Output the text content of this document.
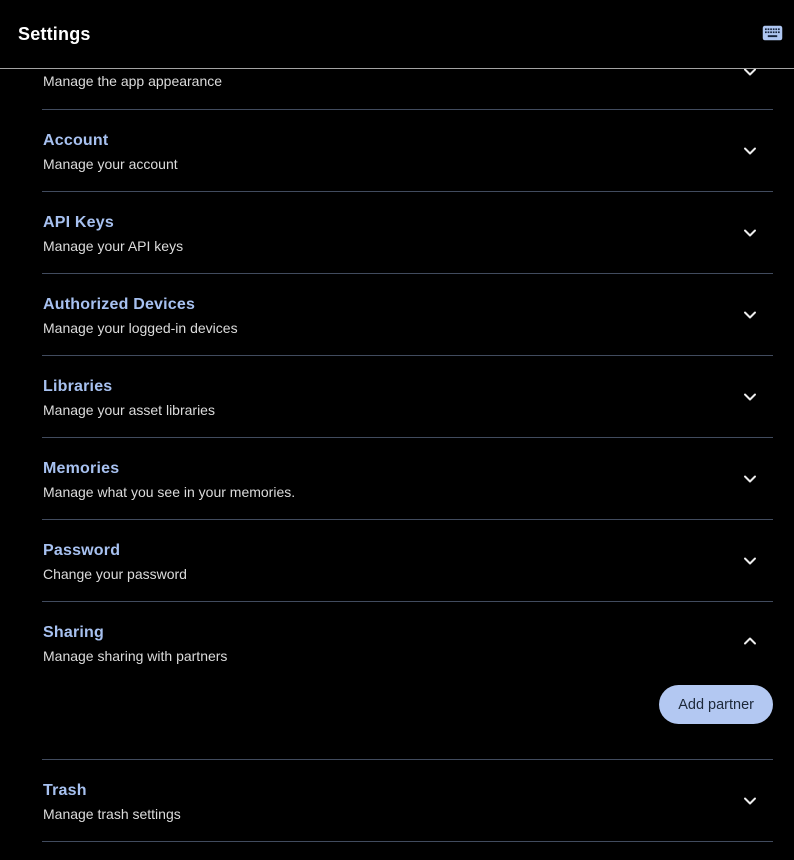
Settings

Manage the app appearance

Account

Manage your account

API Keys

Manage your API keys

Authorized Devices

Manage your logged-in devices

Libraries

Manage your asset libraries

Memories

Manage what you see in your memories.

Password

Change your password

Sharing

Manage sharing with partners

Add partner
Trash

Manage trash settings
